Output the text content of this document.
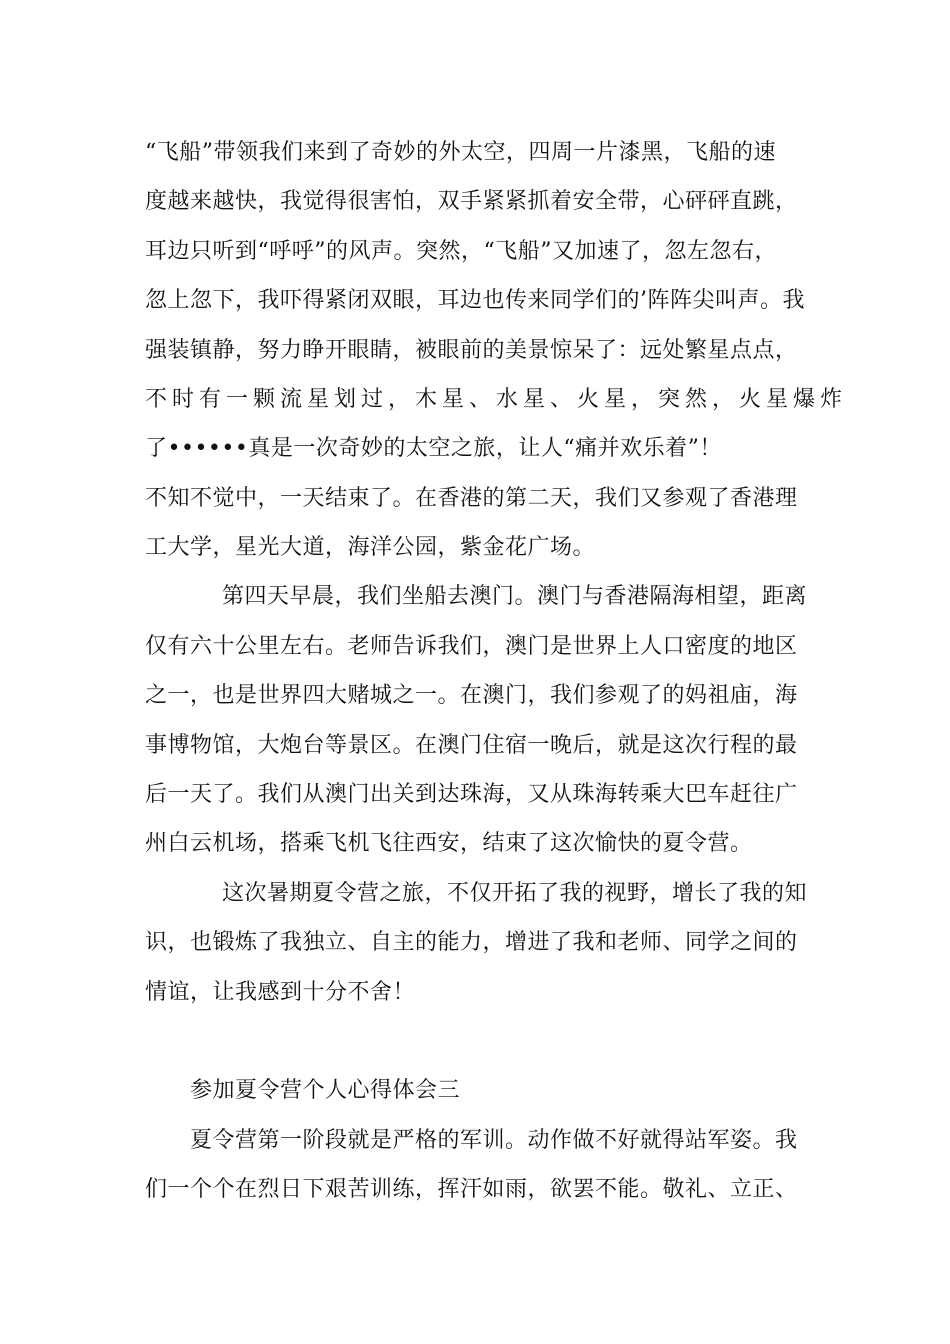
“飞船”带领我们来到了奇妙的外太空，四周一片漆黑，飞船的速
度越来越快，我觉得很害怕，双手紧紧抓着安全带，心砰砰直跳，
耳边只听到“呼呼”的风声。突然，“飞船”又加速了，忽左忽右，
忽上忽下，我吓得紧闭双眼，耳边也传来同学们的’阵阵尖叫声。我
强装镇静，努力睁开眼睛，被眼前的美景惊呆了：远处繁星点点，
不时有一颗流星划过，木星、水星、火星，突然，火星爆炸
了••••••真是一次奇妙的太空之旅，让人“痛并欢乐着”！
不知不觉中，一天结束了。在香港的第二天，我们又参观了香港理
工大学，星光大道，海洋公园，紫金花广场。
第四天早晨，我们坐船去澳门。澳门与香港隔海相望，距离
仅有六十公里左右。老师告诉我们，澳门是世界上人口密度的地区
之一，也是世界四大赌城之一。在澳门，我们参观了的妈祖庙，海
事博物馆，大炮台等景区。在澳门住宿一晚后，就是这次行程的最
后一天了。我们从澳门出关到达珠海，又从珠海转乘大巴车赶往广
州白云机场，搭乘飞机飞往西安，结束了这次愉快的夏令营。
这次暑期夏令营之旅，不仅开拓了我的视野，增长了我的知
识，也锻炼了我独立、自主的能力，增进了我和老师、同学之间的
情谊，让我感到十分不舍！
参加夏令营个人心得体会三
夏令营第一阶段就是严格的军训。动作做不好就得站军姿。我
们一个个在烈日下艰苦训练，挥汗如雨，欲罢不能。敬礼、立正、
